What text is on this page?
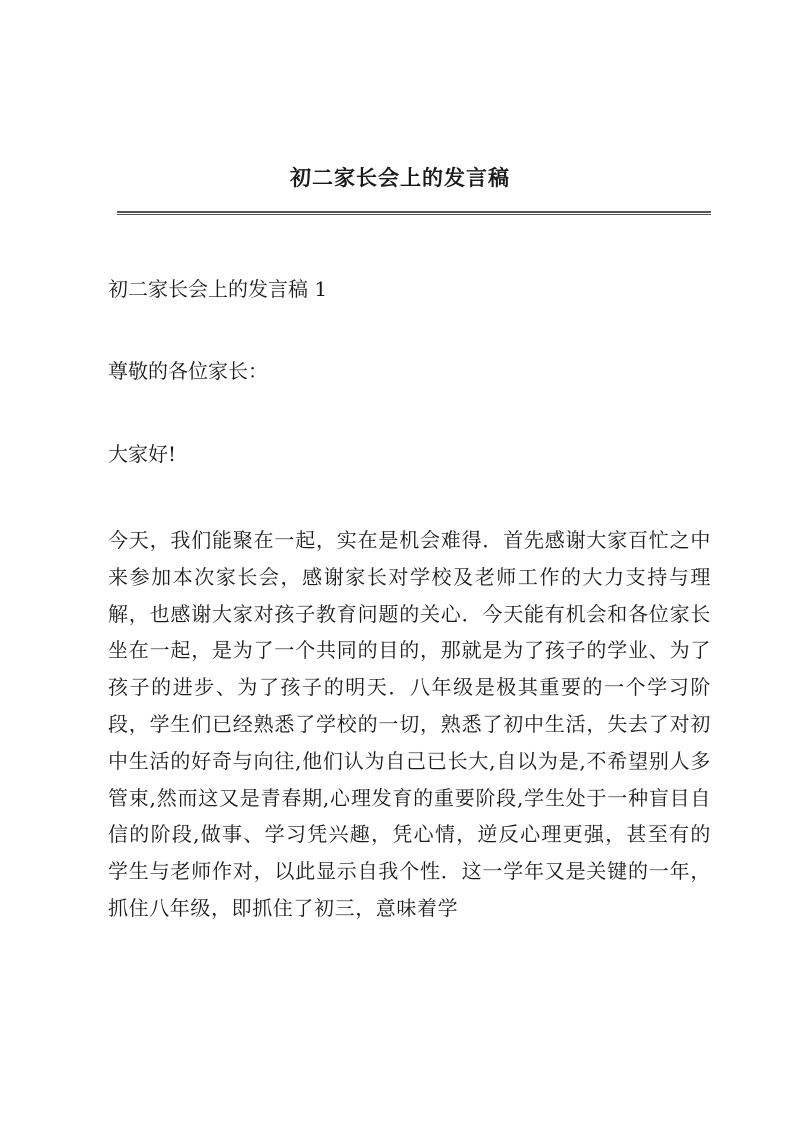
初二家长会上的发言稿
初二家长会上的发言稿 1
尊敬的各位家长：
大家好!
今天，我们能聚在一起，实在是机会难得．首先感谢大家百忙之中来参加本次家长会，感谢家长对学校及老师工作的大力支持与理解，也感谢大家对孩子教育问题的关心．今天能有机会和各位家长坐在一起，是为了一个共同的目的，那就是为了孩子的学业、为了孩子的进步、为了孩子的明天．八年级是极其重要的一个学习阶段，学生们已经熟悉了学校的一切，熟悉了初中生活，失去了对初中生活的好奇与向往,他们认为自己已长大,自以为是,不希望别人多管束,然而这又是青春期,心理发育的重要阶段,学生处于一种盲目自信的阶段,做事、学习凭兴趣，凭心情，逆反心理更强，甚至有的学生与老师作对，以此显示自我个性．这一学年又是关键的一年，抓住八年级，即抓住了初三，意味着学
